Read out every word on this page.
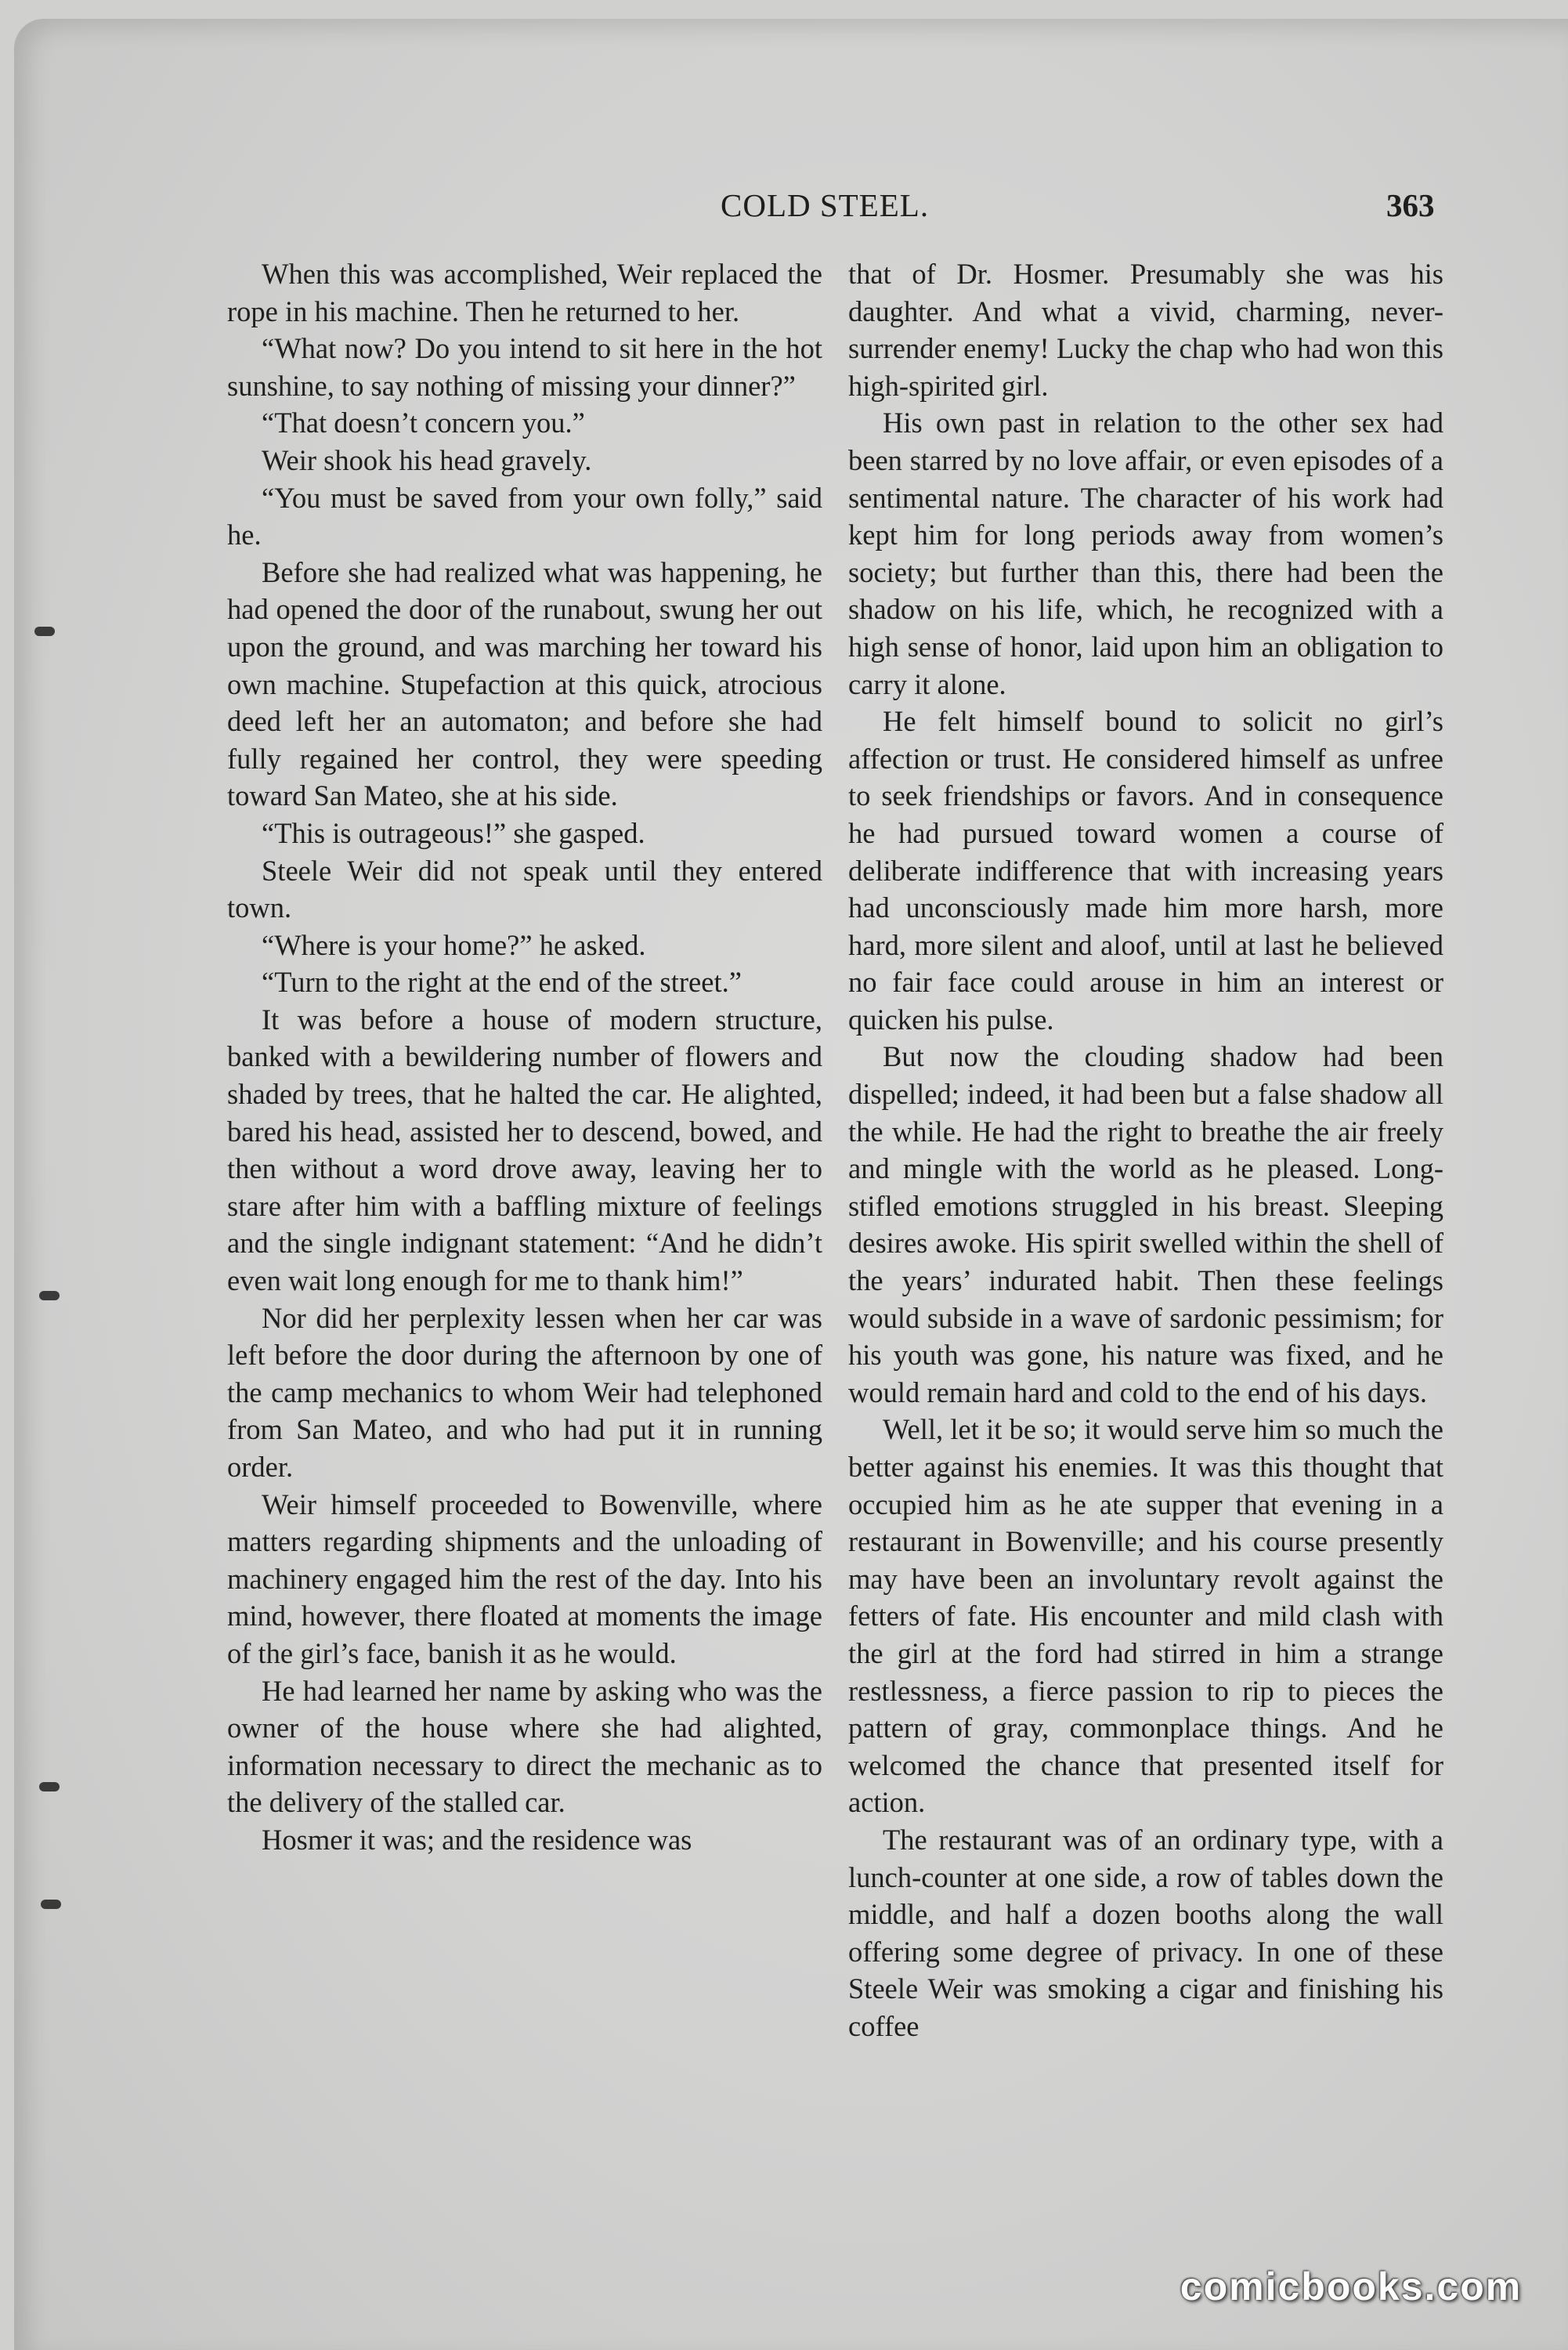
COLD STEEL.	363

When this was accomplished, Weir replaced the rope in his machine. Then he returned to her.

“What now? Do you intend to sit here in the hot sunshine, to say nothing of missing your dinner?”

“That doesn’t concern you.”

Weir shook his head gravely.

“You must be saved from your own folly,” said he.

Before she had realized what was happening, he had opened the door of the runabout, swung her out upon the ground, and was marching her toward his own machine. Stupefaction at this quick, atrocious deed left her an automaton; and before she had fully regained her control, they were speeding toward San Mateo, she at his side.

“This is outrageous!” she gasped.

Steele Weir did not speak until they entered town.

“Where is your home?” he asked.

“Turn to the right at the end of the street.”

It was before a house of modern structure, banked with a bewildering number of flowers and shaded by trees, that he halted the car. He alighted, bared his head, assisted her to descend, bowed, and then without a word drove away, leaving her to stare after him with a baffling mixture of feelings and the single indignant statement: “And he didn’t even wait long enough for me to thank him!”

Nor did her perplexity lessen when her car was left before the door during the afternoon by one of the camp mechanics to whom Weir had telephoned from San Mateo, and who had put it in running order.

Weir himself proceeded to Bowenville, where matters regarding shipments and the unloading of machinery engaged him the rest of the day. Into his mind, however, there floated at moments the image of the girl’s face, banish it as he would.

He had learned her name by asking who was the owner of the house where she had alighted, information necessary to direct the mechanic as to the delivery of the stalled car.

Hosmer it was; and the residence was

that of Dr. Hosmer. Presumably she was his daughter. And what a vivid, charming, never-surrender enemy! Lucky the chap who had won this high-spirited girl.

His own past in relation to the other sex had been starred by no love affair, or even episodes of a sentimental nature. The character of his work had kept him for long periods away from women’s society; but further than this, there had been the shadow on his life, which, he recognized with a high sense of honor, laid upon him an obligation to carry it alone.

He felt himself bound to solicit no girl’s affection or trust. He considered himself as unfree to seek friendships or favors. And in consequence he had pursued toward women a course of deliberate indifference that with increasing years had unconsciously made him more harsh, more hard, more silent and aloof, until at last he believed no fair face could arouse in him an interest or quicken his pulse.

But now the clouding shadow had been dispelled; indeed, it had been but a false shadow all the while. He had the right to breathe the air freely and mingle with the world as he pleased. Long-stifled emotions struggled in his breast. Sleeping desires awoke. His spirit swelled within the shell of the years’ indurated habit. Then these feelings would subside in a wave of sardonic pessimism; for his youth was gone, his nature was fixed, and he would remain hard and cold to the end of his days.

Well, let it be so; it would serve him so much the better against his enemies. It was this thought that occupied him as he ate supper that evening in a restaurant in Bowenville; and his course presently may have been an involuntary revolt against the fetters of fate. His encounter and mild clash with the girl at the ford had stirred in him a strange restlessness, a fierce passion to rip to pieces the pattern of gray, commonplace things. And he welcomed the chance that presented itself for action.

The restaurant was of an ordinary type, with a lunch-counter at one side, a row of tables down the middle, and half a dozen booths along the wall offering some degree of privacy. In one of these Steele Weir was smoking a cigar and finishing his coffee

comicbooks.com
